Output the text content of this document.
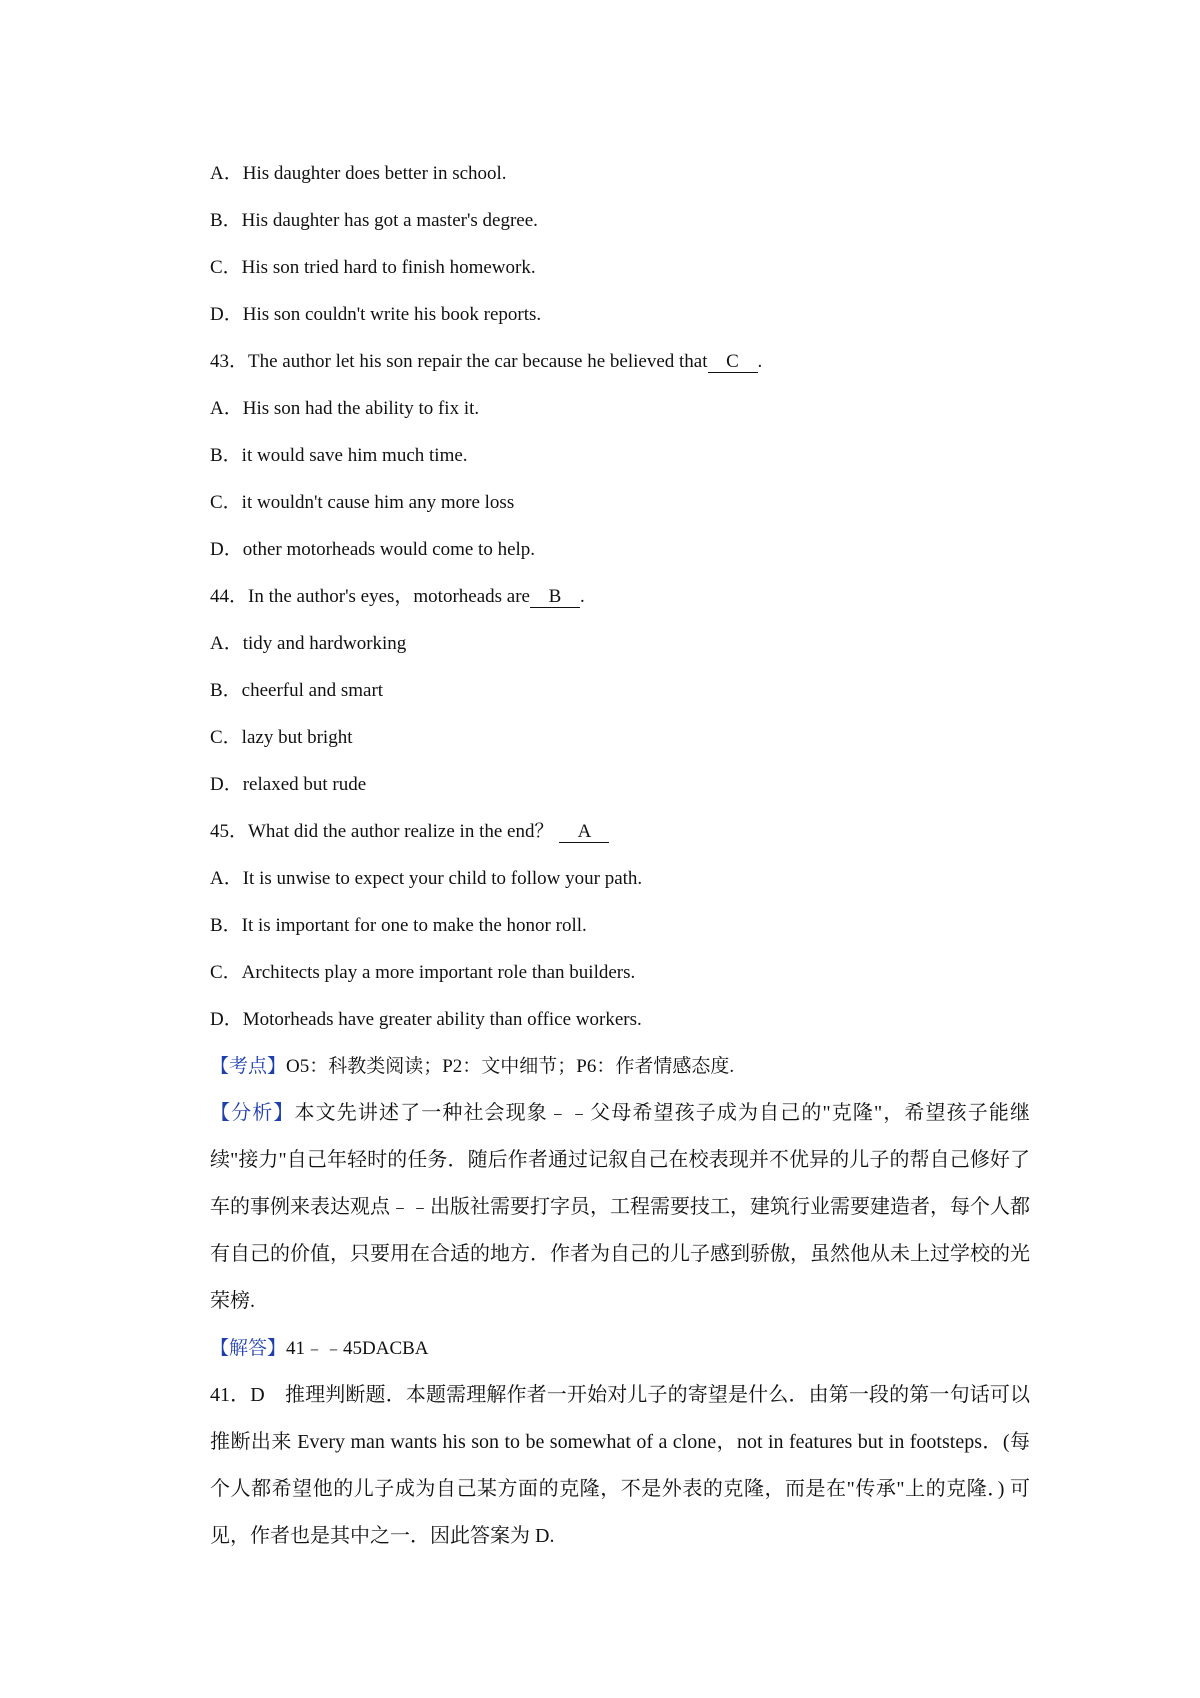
A．His daughter does better in school.
B．His daughter has got a master's degree.
C．His son tried hard to finish homework.
D．His son couldn't write his book reports.
43．The author let his son repair the car because he believed that C .
A．His son had the ability to fix it.
B．it would save him much time.
C．it wouldn't cause him any more loss
D．other motorheads would come to help.
44．In the author's eyes，motorheads are B .
A．tidy and hardworking
B．cheerful and smart
C．lazy but bright
D．relaxed but rude
45．What did the author realize in the end？ A
A．It is unwise to expect your child to follow your path.
B．It is important for one to make the honor roll.
C．Architects play a more important role than builders.
D．Motorheads have greater ability than office workers.
【考点】O5：科教类阅读；P2：文中细节；P6：作者情感态度.
【分析】本文先讲述了一种社会现象﹣﹣父母希望孩子成为自己的"克隆"，希望孩子能继续"接力"自己年轻时的任务．随后作者通过记叙自己在校表现并不优异的儿子的帮自己修好了车的事例来表达观点﹣﹣出版社需要打字员，工程需要技工，建筑行业需要建造者，每个人都有自己的价值，只要用在合适的地方．作者为自己的儿子感到骄傲，虽然他从未上过学校的光荣榜.
【解答】41﹣﹣45DACBA
41．D　推理判断题．本题需理解作者一开始对儿子的寄望是什么．由第一段的第一句话可以推断出来 Every man wants his son to be somewhat of a clone，not in features but in footsteps．(每个人都希望他的儿子成为自己某方面的克隆，不是外表的克隆，而是在"传承"上的克隆．) 可见，作者也是其中之一．因此答案为 D.
